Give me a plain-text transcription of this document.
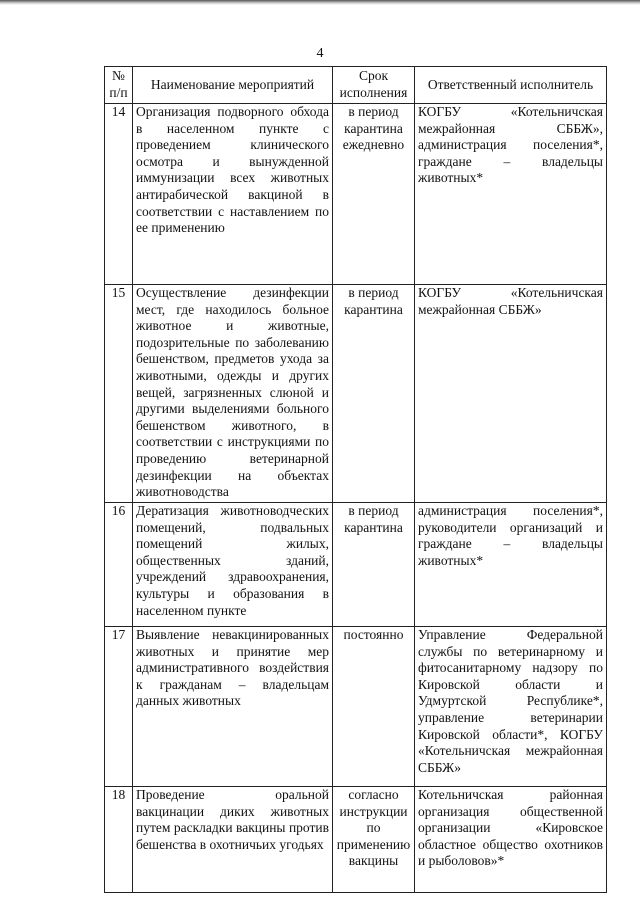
4
№ п/п	Наименование мероприятий	Срок исполнения	Ответственный исполнитель
14	Организация подворного обхода в населенном пункте с проведением клинического осмотра и вынужденной иммунизации всех животных антирабической вакциной в соответствии с наставлением по ее применению	в период карантина ежедневно	КОГБУ «Котельничская межрайонная СББЖ», администрация поселения*, граждане – владельцы животных*
15	Осуществление дезинфекции мест, где находилось больное животное и животные, подозрительные по заболеванию бешенством, предметов ухода за животными, одежды и других вещей, загрязненных слюной и другими выделениями больного бешенством животного, в соответствии с инструкциями по проведению ветеринарной дезинфекции на объектах животноводства	в период карантина	КОГБУ «Котельничская межрайонная СББЖ»
16	Дератизация животноводческих помещений, подвальных помещений жилых, общественных зданий, учреждений здравоохранения, культуры и образования в населенном пункте	в период карантина	администрация поселения*, руководители организаций и граждане – владельцы животных*
17	Выявление невакцинированных животных и принятие мер административного воздействия к гражданам – владельцам данных животных	постоянно	Управление Федеральной службы по ветеринарному и фитосанитарному надзору по Кировской области и Удмуртской Республике*, управление ветеринарии Кировской области*, КОГБУ «Котельничская межрайонная СББЖ»
18	Проведение оральной вакцинации диких животных путем раскладки вакцины против бешенства в охотничьих угодьях	согласно инструкции по применению вакцины	Котельничская районная организация общественной организации «Кировское областное общество охотников и рыболовов»*
